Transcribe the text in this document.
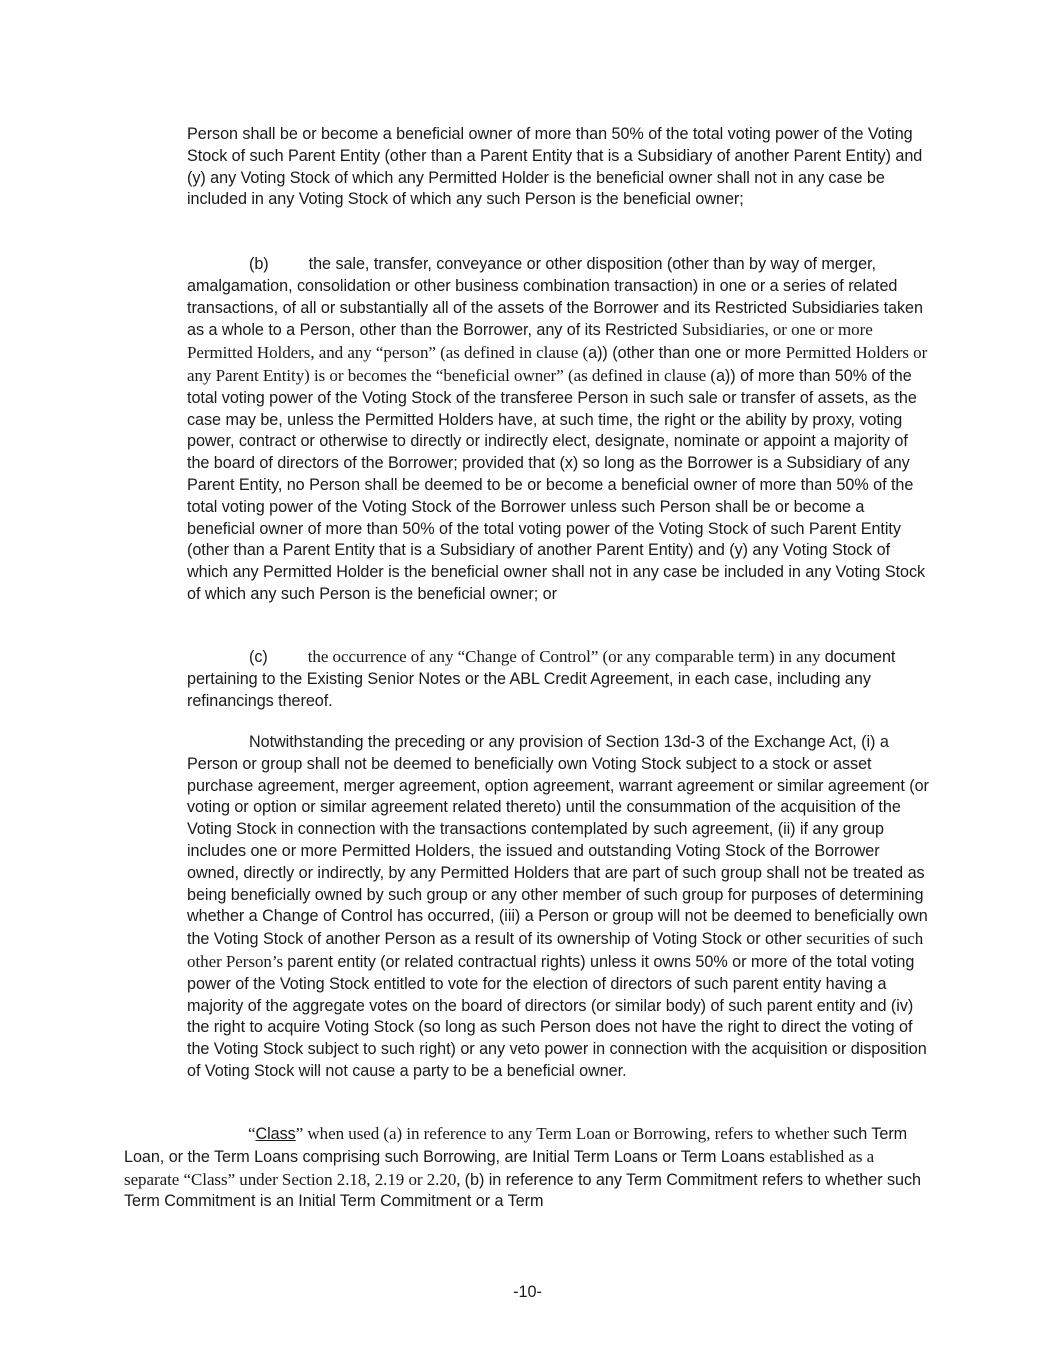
Person shall be or become a beneficial owner of more than 50% of the total voting power of the Voting Stock of such Parent Entity (other than a Parent Entity that is a Subsidiary of another Parent Entity) and (y) any Voting Stock of which any Permitted Holder is the beneficial owner shall not in any case be included in any Voting Stock of which any such Person is the beneficial owner;

(b) the sale, transfer, conveyance or other disposition (other than by way of merger, amalgamation, consolidation or other business combination transaction) in one or a series of related transactions, of all or substantially all of the assets of the Borrower and its Restricted Subsidiaries taken as a whole to a Person, other than the Borrower, any of its Restricted Subsidiaries, or one or more Permitted Holders, and any “person” (as defined in clause (a)) (other than one or more Permitted Holders or any Parent Entity) is or becomes the “beneficial owner” (as defined in clause (a)) of more than 50% of the total voting power of the Voting Stock of the transferee Person in such sale or transfer of assets, as the case may be, unless the Permitted Holders have, at such time, the right or the ability by proxy, voting power, contract or otherwise to directly or indirectly elect, designate, nominate or appoint a majority of the board of directors of the Borrower; provided that (x) so long as the Borrower is a Subsidiary of any Parent Entity, no Person shall be deemed to be or become a beneficial owner of more than 50% of the total voting power of the Voting Stock of the Borrower unless such Person shall be or become a beneficial owner of more than 50% of the total voting power of the Voting Stock of such Parent Entity (other than a Parent Entity that is a Subsidiary of another Parent Entity) and (y) any Voting Stock of which any Permitted Holder is the beneficial owner shall not in any case be included in any Voting Stock of which any such Person is the beneficial owner; or

(c) the occurrence of any “Change of Control” (or any comparable term) in any document pertaining to the Existing Senior Notes or the ABL Credit Agreement, in each case, including any refinancings thereof.

Notwithstanding the preceding or any provision of Section 13d-3 of the Exchange Act, (i) a Person or group shall not be deemed to beneficially own Voting Stock subject to a stock or asset purchase agreement, merger agreement, option agreement, warrant agreement or similar agreement (or voting or option or similar agreement related thereto) until the consummation of the acquisition of the Voting Stock in connection with the transactions contemplated by such agreement, (ii) if any group includes one or more Permitted Holders, the issued and outstanding Voting Stock of the Borrower owned, directly or indirectly, by any Permitted Holders that are part of such group shall not be treated as being beneficially owned by such group or any other member of such group for purposes of determining whether a Change of Control has occurred, (iii) a Person or group will not be deemed to beneficially own the Voting Stock of another Person as a result of its ownership of Voting Stock or other securities of such other Person’s parent entity (or related contractual rights) unless it owns 50% or more of the total voting power of the Voting Stock entitled to vote for the election of directors of such parent entity having a majority of the aggregate votes on the board of directors (or similar body) of such parent entity and (iv) the right to acquire Voting Stock (so long as such Person does not have the right to direct the voting of the Voting Stock subject to such right) or any veto power in connection with the acquisition or disposition of Voting Stock will not cause a party to be a beneficial owner.

“Class” when used (a) in reference to any Term Loan or Borrowing, refers to whether such Term Loan, or the Term Loans comprising such Borrowing, are Initial Term Loans or Term Loans established as a separate “Class” under Section 2.18, 2.19 or 2.20, (b) in reference to any Term Commitment refers to whether such Term Commitment is an Initial Term Commitment or a Term

-10-
